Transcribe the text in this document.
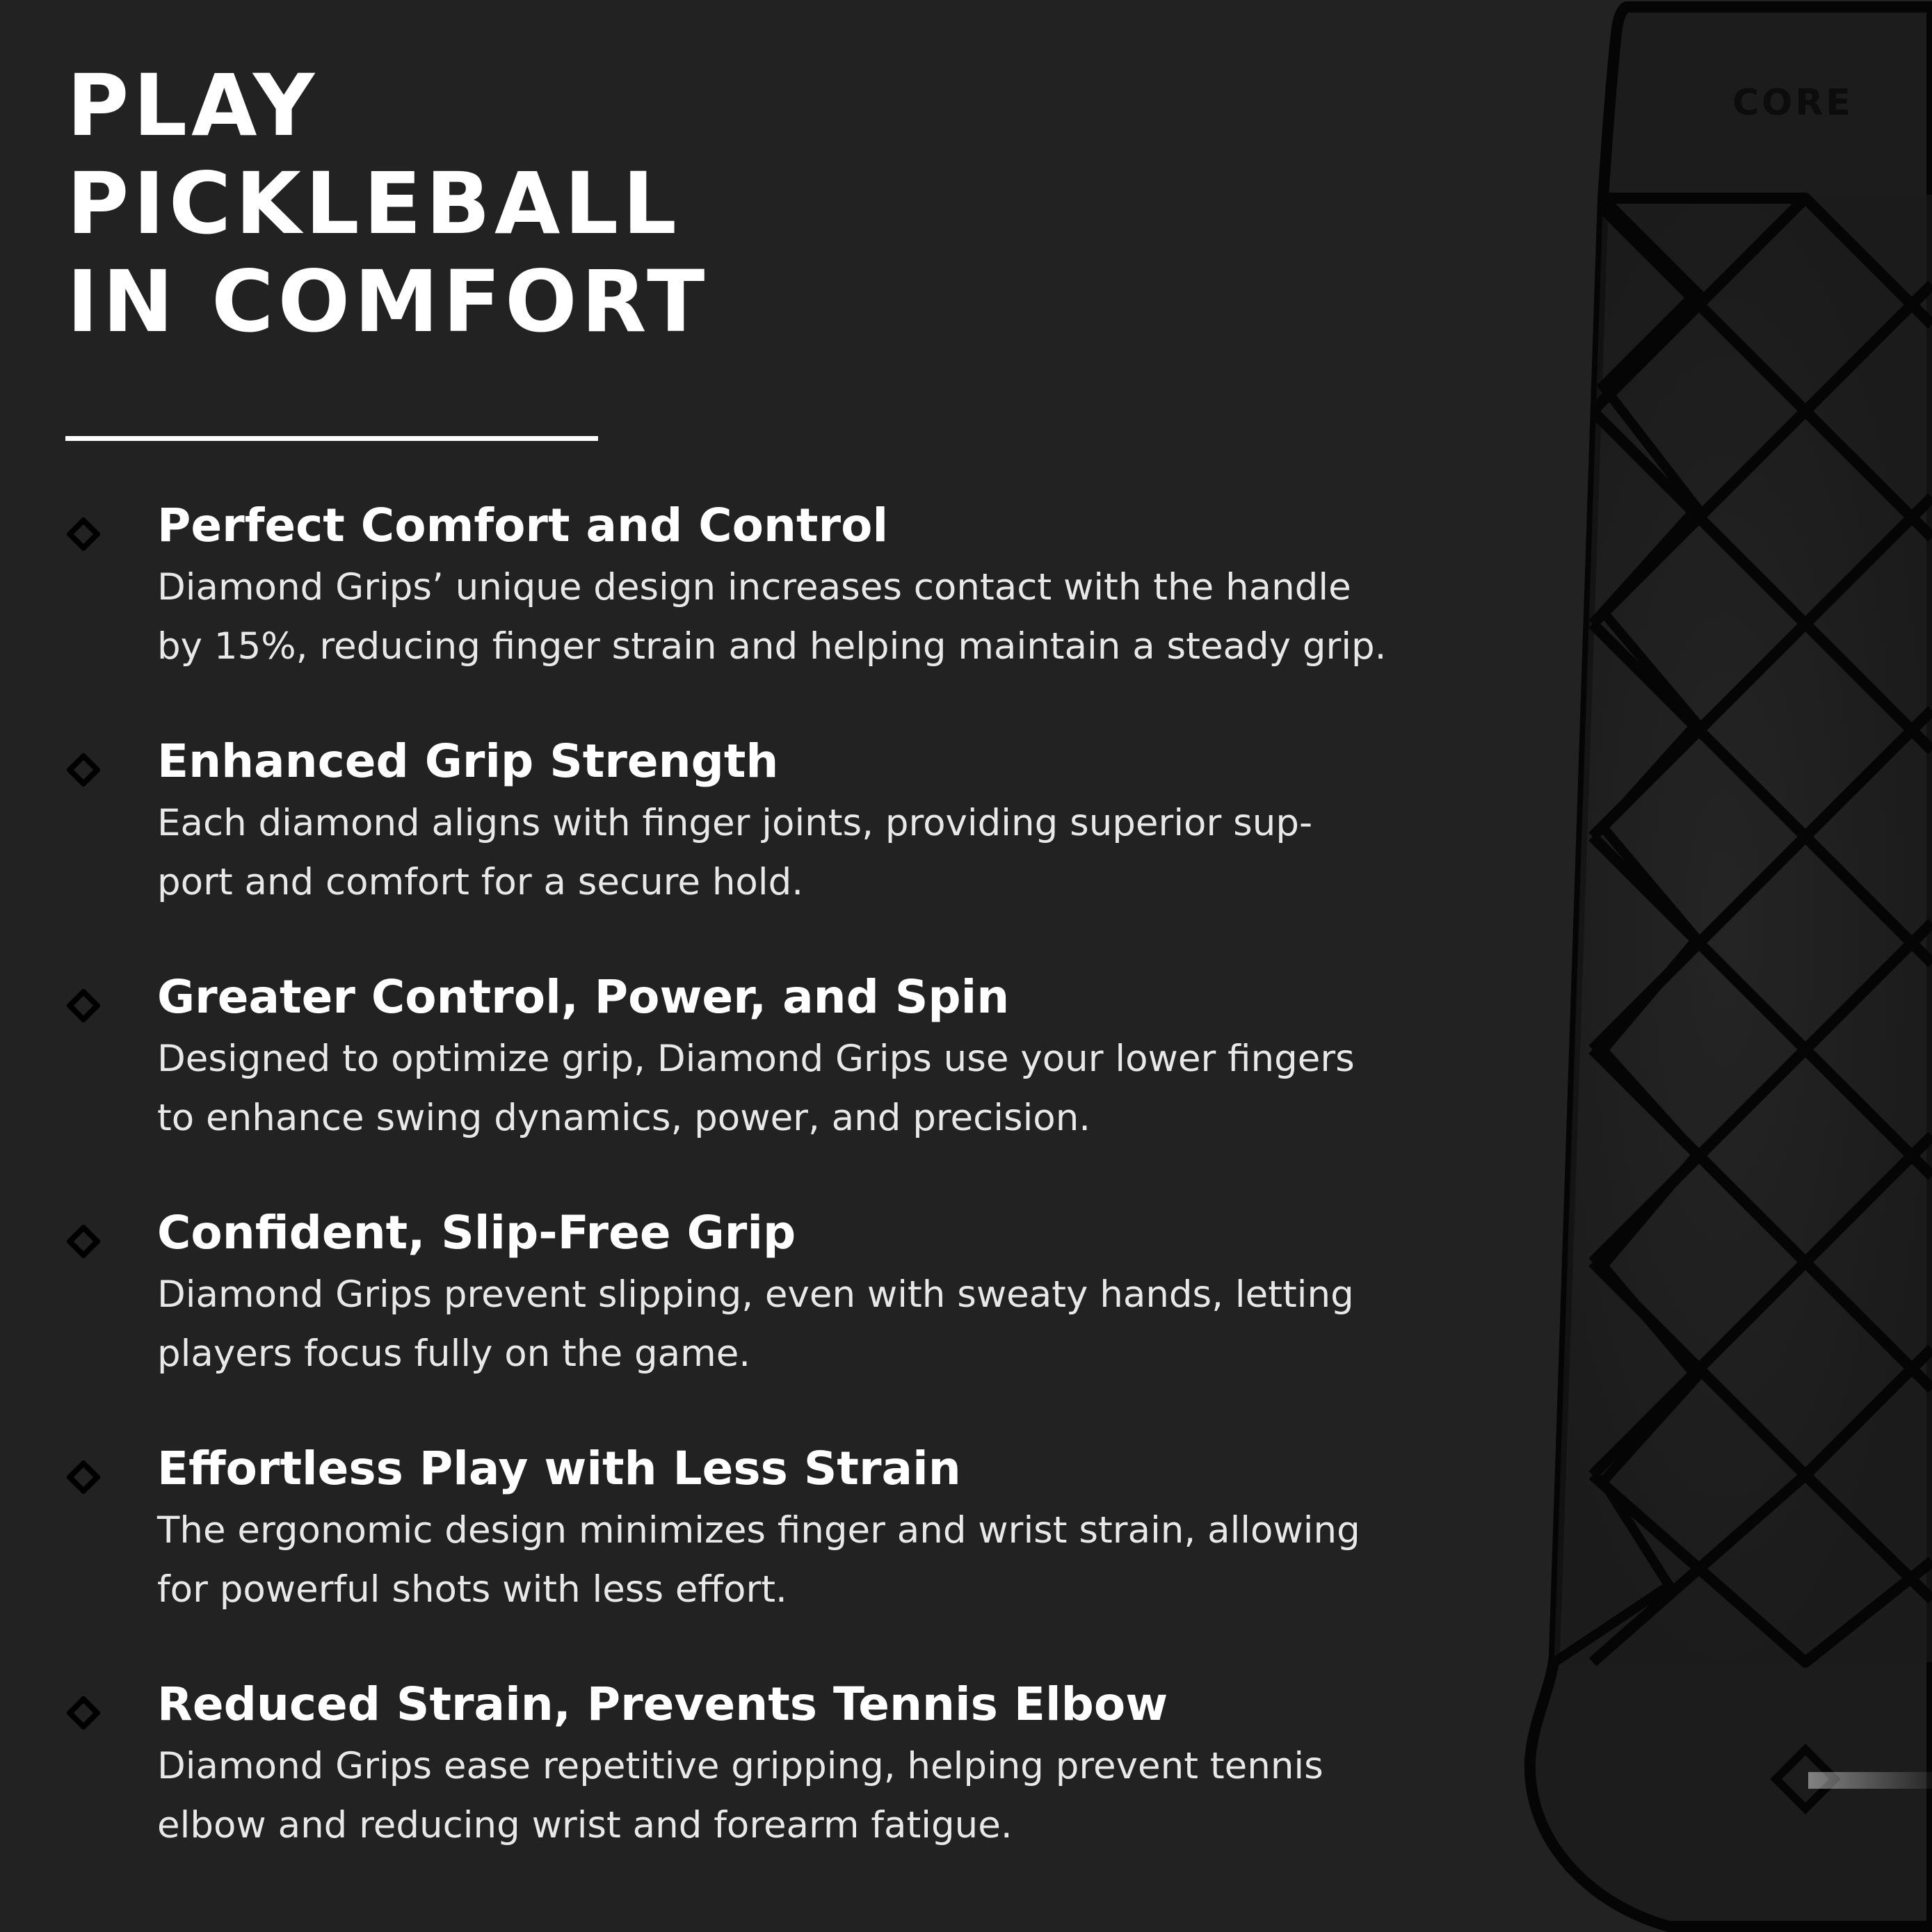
PLAY
PICKLEBALL
IN COMFORT
Perfect Comfort and Control

Diamond Grips’ unique design increases contact with the handle
by 15%, reducing finger strain and helping maintain a steady grip.

Enhanced Grip Strength

Each diamond aligns with finger joints, providing superior sup-
port and comfort for a secure hold.

Greater Control, Power, and Spin

Designed to optimize grip, Diamond Grips use your lower fingers
to enhance swing dynamics, power, and precision.

Confident, Slip-Free Grip

Diamond Grips prevent slipping, even with sweaty hands, letting
players focus fully on the game.

Effortless Play with Less Strain

The ergonomic design minimizes finger and wrist strain, allowing
for powerful shots with less effort.

Reduced Strain, Prevents Tennis Elbow

Diamond Grips ease repetitive gripping, helping prevent tennis
elbow and reducing wrist and forearm fatigue.

CORE
